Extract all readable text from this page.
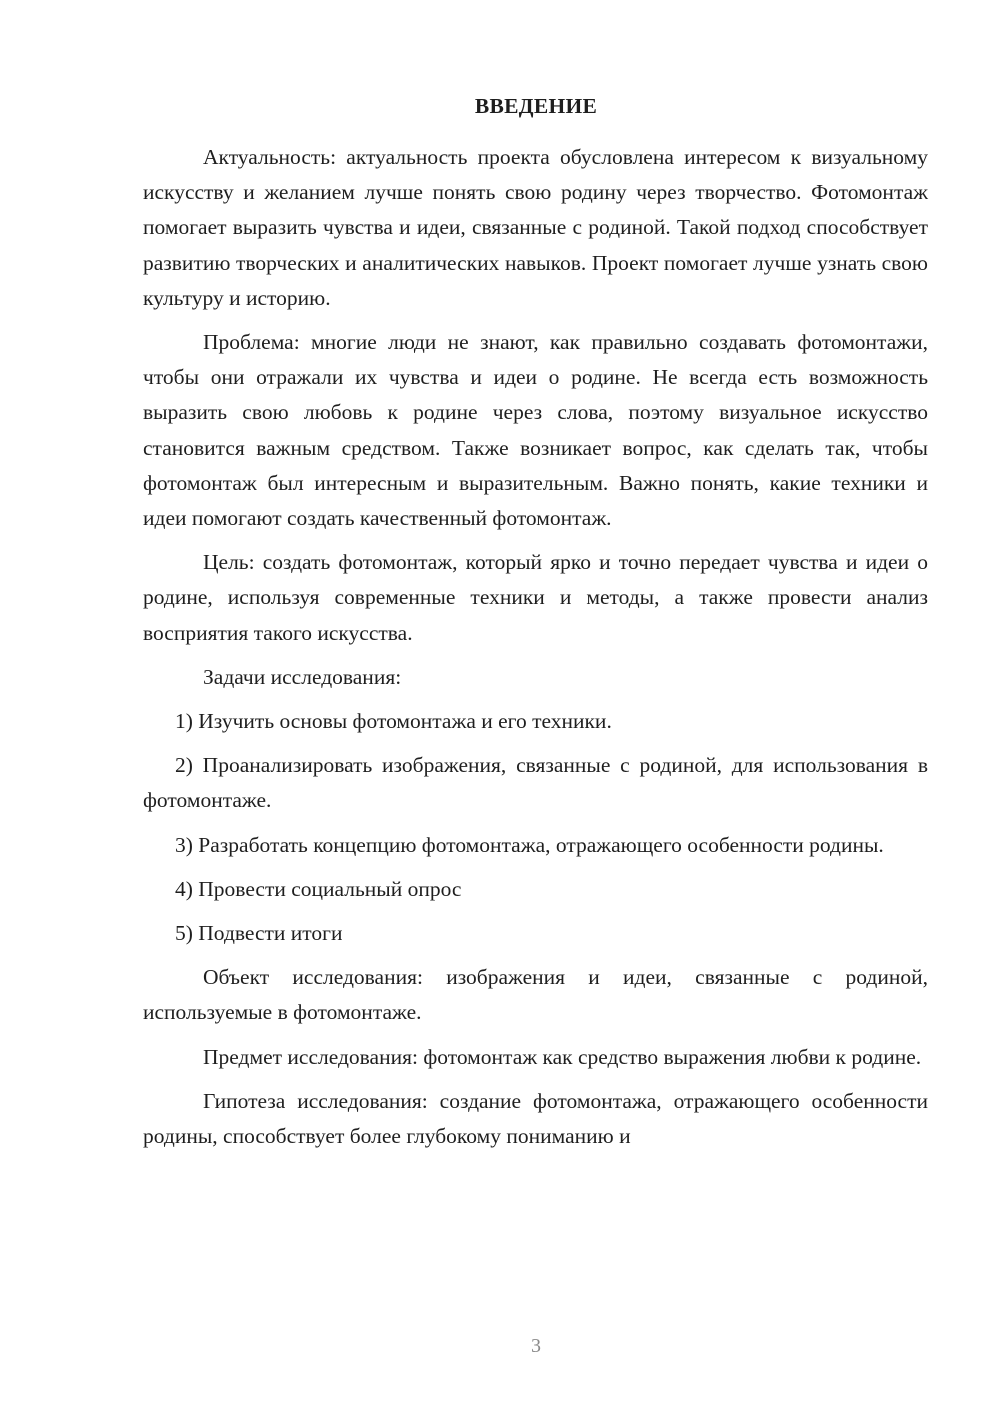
ВВЕДЕНИЕ

Актуальность: актуальность проекта обусловлена интересом к визуальному искусству и желанием лучше понять свою родину через творчество. Фотомонтаж помогает выразить чувства и идеи, связанные с родиной. Такой подход способствует развитию творческих и аналитических навыков. Проект помогает лучше узнать свою культуру и историю.

Проблема: многие люди не знают, как правильно создавать фотомонтажи, чтобы они отражали их чувства и идеи о родине. Не всегда есть возможность выразить свою любовь к родине через слова, поэтому визуальное искусство становится важным средством. Также возникает вопрос, как сделать так, чтобы фотомонтаж был интересным и выразительным. Важно понять, какие техники и идеи помогают создать качественный фотомонтаж.

Цель: создать фотомонтаж, который ярко и точно передает чувства и идеи о родине, используя современные техники и методы, а также провести анализ восприятия такого искусства.

Задачи исследования:

1) Изучить основы фотомонтажа и его техники.

2) Проанализировать изображения, связанные с родиной, для использования в фотомонтаже.

3) Разработать концепцию фотомонтажа, отражающего особенности родины.

4) Провести социальный опрос

5) Подвести итоги

Объект исследования: изображения и идеи, связанные с родиной, используемые в фотомонтаже.

Предмет исследования: фотомонтаж как средство выражения любви к родине.

Гипотеза исследования: создание фотомонтажа, отражающего особенности родины, способствует более глубокому пониманию и

3
